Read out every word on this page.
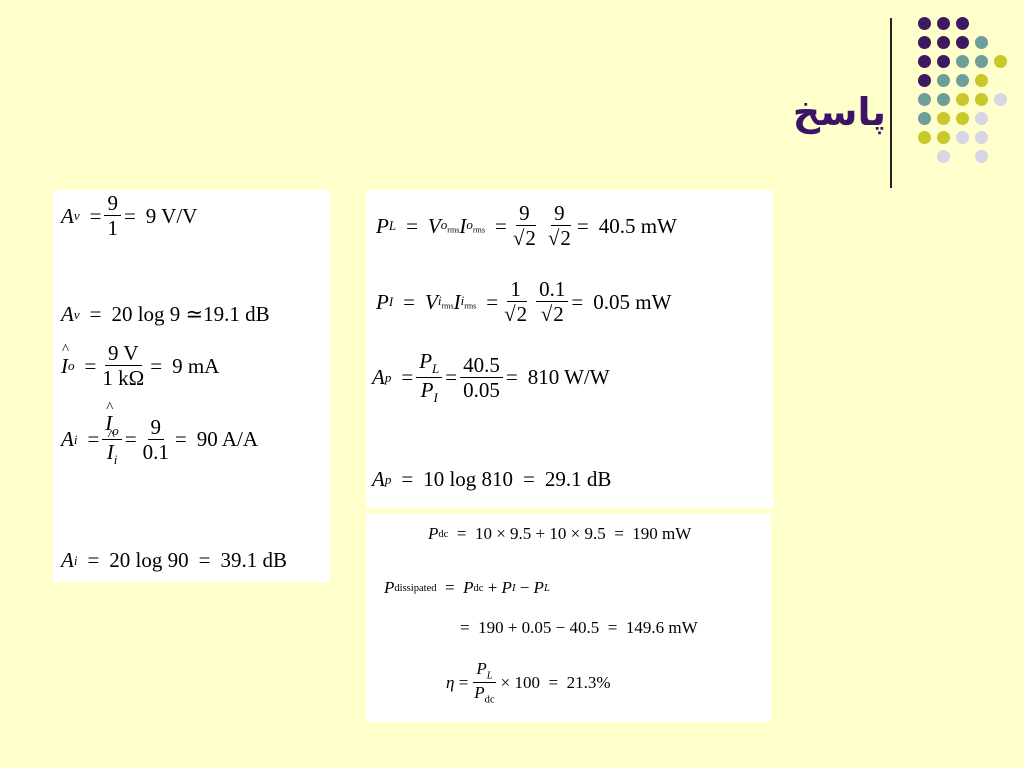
پاسخ
A $v = \frac{9}{1} = 9$ V/V
A v = 20 log 9
≃ 19.1 dB
^ I $o = \frac{9 V}{1 k\Omega} = 9$ mA
A i =
^ $I_o$
^ $I_i = \frac{9}{0.1} = 90$ A/A
A i = 20 log 90 = 39.1 dB
P L = V $o_{rms}$ I $o_{rms} = \frac{9}{√2} \frac{9}{√2} = 40.5$ mW
P I = V $i_{rms}$ I $i_{rms} = \frac{1}{√2} \frac{0.1}{√2} = 0.05$ mW
A $p = \frac{P_L}{P_I} = \frac{40.5}{0.05} = 810$ W/W
A p = 10 log 810 = 29.1 dB
P dc = 10 × 9.5 + 10 × 9.5 = 190 mW
P dissipated = P dc + P I − P L
= 190 + 0.05 − 40.5 = 149.6 mW
$\eta = \frac{P_L}{P_{dc}} \times 100 = 21.3\%$
